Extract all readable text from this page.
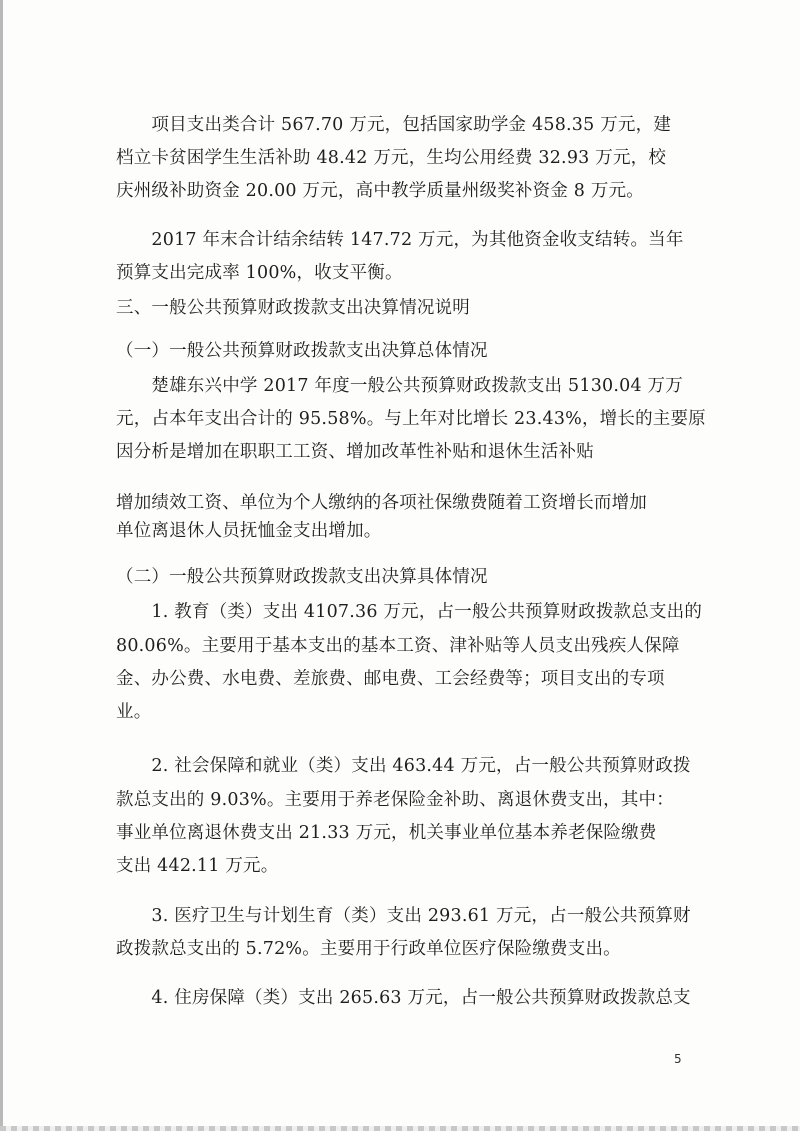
　　项目支出类合计 567.70 万元，包括国家助学金 458.35 万元，建

档立卡贫困学生生活补助 48.42 万元，生均公用经费 32.93 万元，校

庆州级补助资金 20.00 万元，高中教学质量州级奖补资金 8 万元。

　　2017 年末合计结余结转 147.72 万元，为其他资金收支结转。当年

预算支出完成率 100%，收支平衡。

三、一般公共预算财政拨款支出决算情况说明

（一）一般公共预算财政拨款支出决算总体情况

　　楚雄东兴中学 2017 年度一般公共预算财政拨款支出 5130.04 万万

元，占本年支出合计的 95.58%。与上年对比增长 23.43%，增长的主要原

因分析是增加在职职工工资、增加改革性补贴和退休生活补贴

增加绩效工资、单位为个人缴纳的各项社保缴费随着工资增长而增加

单位离退休人员抚恤金支出增加。

（二）一般公共预算财政拨款支出决算具体情况

　　1. 教育（类）支出 4107.36 万元，占一般公共预算财政拨款总支出的

80.06%。主要用于基本支出的基本工资、津补贴等人员支出残疾人保障

金、办公费、水电费、差旅费、邮电费、工会经费等；项目支出的专项

业。

　　2. 社会保障和就业（类）支出 463.44 万元，占一般公共预算财政拨

款总支出的 9.03%。主要用于养老保险金补助、离退休费支出，其中：

事业单位离退休费支出 21.33 万元，机关事业单位基本养老保险缴费

支出 442.11 万元。

　　3. 医疗卫生与计划生育（类）支出 293.61 万元，占一般公共预算财

政拨款总支出的 5.72%。主要用于行政单位医疗保险缴费支出。

　　4. 住房保障（类）支出 265.63 万元，占一般公共预算财政拨款总支

5
